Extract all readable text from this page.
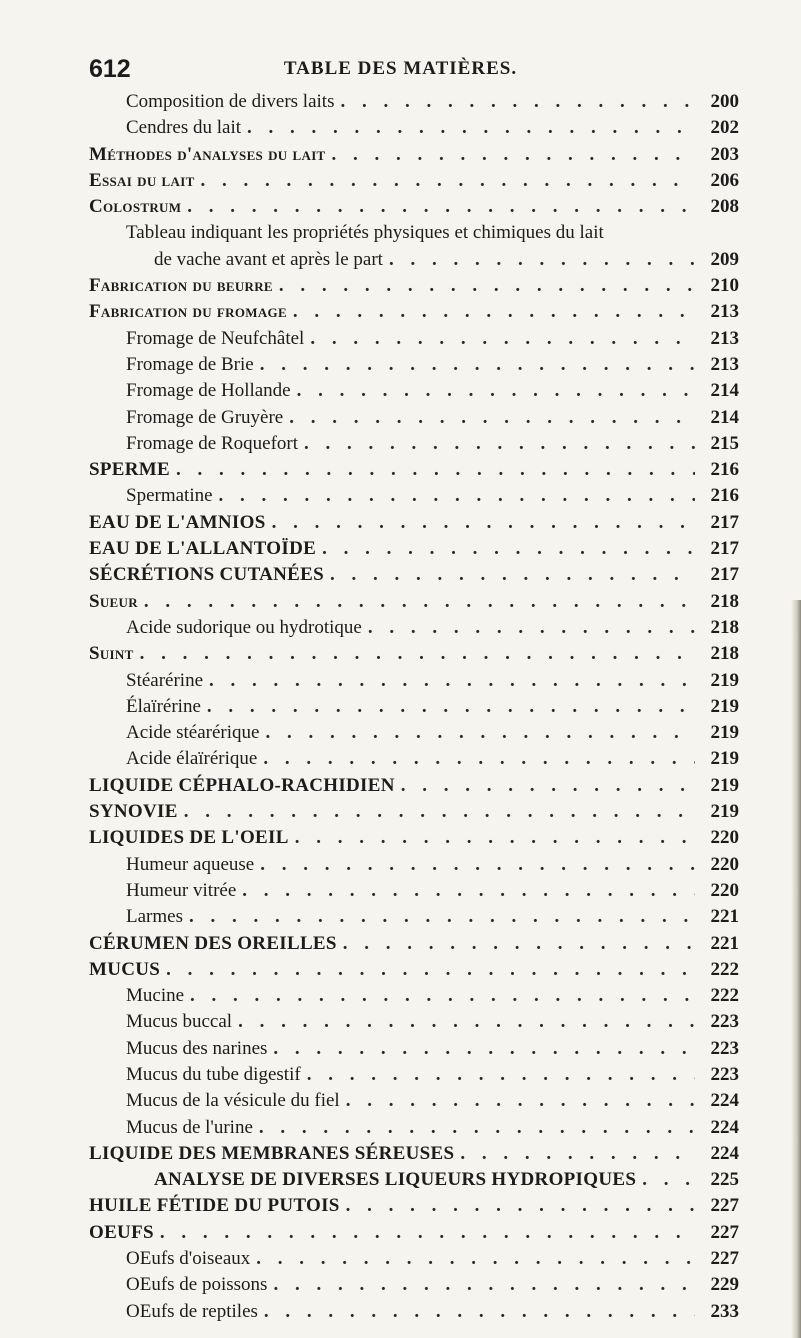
612	TABLE DES MATIÈRES.
Composition de divers laits . . .	200
Cendres du lait . . .	202
Méthodes d'analyses du lait . . .	203
Essai du lait . . .	206
Colostrum . . .	208
Tableau indiquant les propriétés physiques et chimiques du lait
de vache avant et après le part . . .	209
Fabrication du beurre . . .	210
Fabrication du fromage . . .	213
Fromage de Neufchâtel . . .	213
Fromage de Brie . . .	213
Fromage de Hollande . . .	214
Fromage de Gruyère . . .	214
Fromage de Roquefort . . .	215
SPERME . . .	216
Spermatine . . .	216
EAU DE L'AMNIOS . . .	217
EAU DE L'ALLANTOÏDE . . .	217
SÉCRÉTIONS CUTANÉES . . .	217
Sueur . . .	218
Acide sudorique ou hydrotique . . .	218
Suint . . .	218
Stéarérine . . .	219
Élaïrérine . . .	219
Acide stéarérique . . .	219
Acide élaïrérique . . .	219
LIQUIDE CÉPHALO-RACHIDIEN . . .	219
SYNOVIE . . .	219
LIQUIDES DE L'OEIL . . .	220
Humeur aqueuse . . .	220
Humeur vitrée . . .	220
Larmes . . .	221
CÉRUMEN DES OREILLES . . .	221
MUCUS . . .	222
Mucine . . .	222
Mucus buccal . . .	223
Mucus des narines . . .	223
Mucus du tube digestif . . .	223
Mucus de la vésicule du fiel . . .	224
Mucus de l'urine . . .	224
LIQUIDE DES MEMBRANES SÉREUSES . . .	224
ANALYSE DE DIVERSES LIQUEURS HYDROPIQUES . . .	225
HUILE FÉTIDE DU PUTOIS . . .	227
OEUFS . . .	227
OEufs d'oiseaux . . .	227
OEufs de poissons . . .	229
OEufs de reptiles . . .	233
